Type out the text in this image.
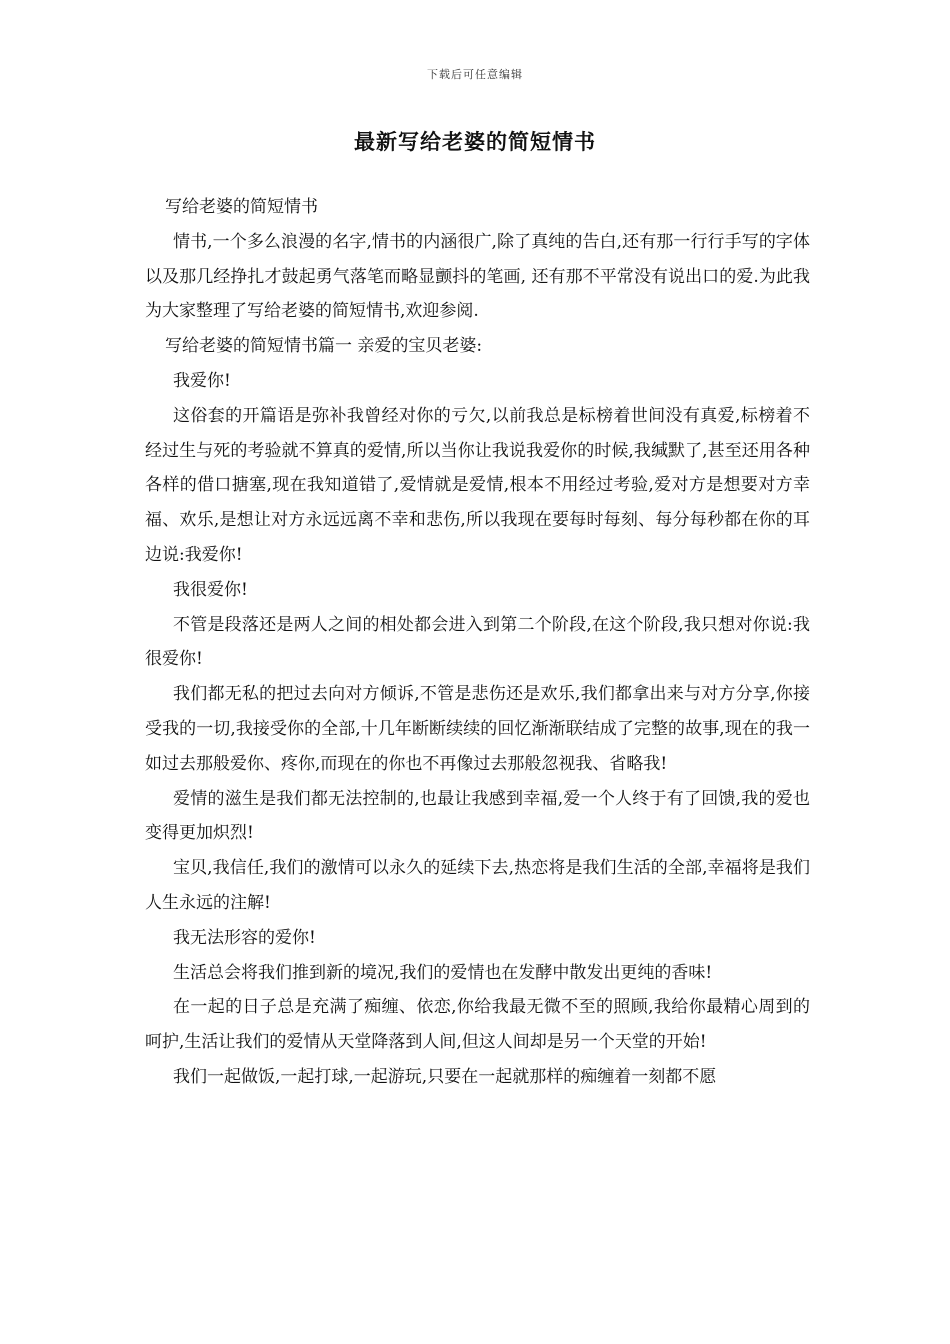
下载后可任意编辑
最新写给老婆的简短情书

写给老婆的简短情书

情书,一个多么浪漫的名字,情书的内涵很广,除了真纯的告白,还有那一行行手写的字体以及那几经挣扎才鼓起勇气落笔而略显颤抖的笔画, 还有那不平常没有说出口的爱.为此我为大家整理了写给老婆的简短情书,欢迎参阅.

写给老婆的简短情书篇一 亲爱的宝贝老婆:

我爱你!

这俗套的开篇语是弥补我曾经对你的亏欠,以前我总是标榜着世间没有真爱,标榜着不经过生与死的考验就不算真的爱情,所以当你让我说我爱你的时候,我缄默了,甚至还用各种各样的借口搪塞,现在我知道错了,爱情就是爱情,根本不用经过考验,爱对方是想要对方幸福、欢乐,是想让对方永远远离不幸和悲伤,所以我现在要每时每刻、每分每秒都在你的耳边说:我爱你!

我很爱你!

不管是段落还是两人之间的相处都会进入到第二个阶段,在这个阶段,我只想对你说:我很爱你!

我们都无私的把过去向对方倾诉,不管是悲伤还是欢乐,我们都拿出来与对方分享,你接受我的一切,我接受你的全部,十几年断断续续的回忆渐渐联结成了完整的故事,现在的我一如过去那般爱你、疼你,而现在的你也不再像过去那般忽视我、省略我!

爱情的滋生是我们都无法控制的,也最让我感到幸福,爱一个人终于有了回馈,我的爱也变得更加炽烈!

宝贝,我信任,我们的激情可以永久的延续下去,热恋将是我们生活的全部,幸福将是我们人生永远的注解!

我无法形容的爱你!

生活总会将我们推到新的境况,我们的爱情也在发酵中散发出更纯的香味!

在一起的日子总是充满了痴缠、依恋,你给我最无微不至的照顾,我给你最精心周到的呵护,生活让我们的爱情从天堂降落到人间,但这人间却是另一个天堂的开始!

我们一起做饭,一起打球,一起游玩,只要在一起就那样的痴缠着一刻都不愿
